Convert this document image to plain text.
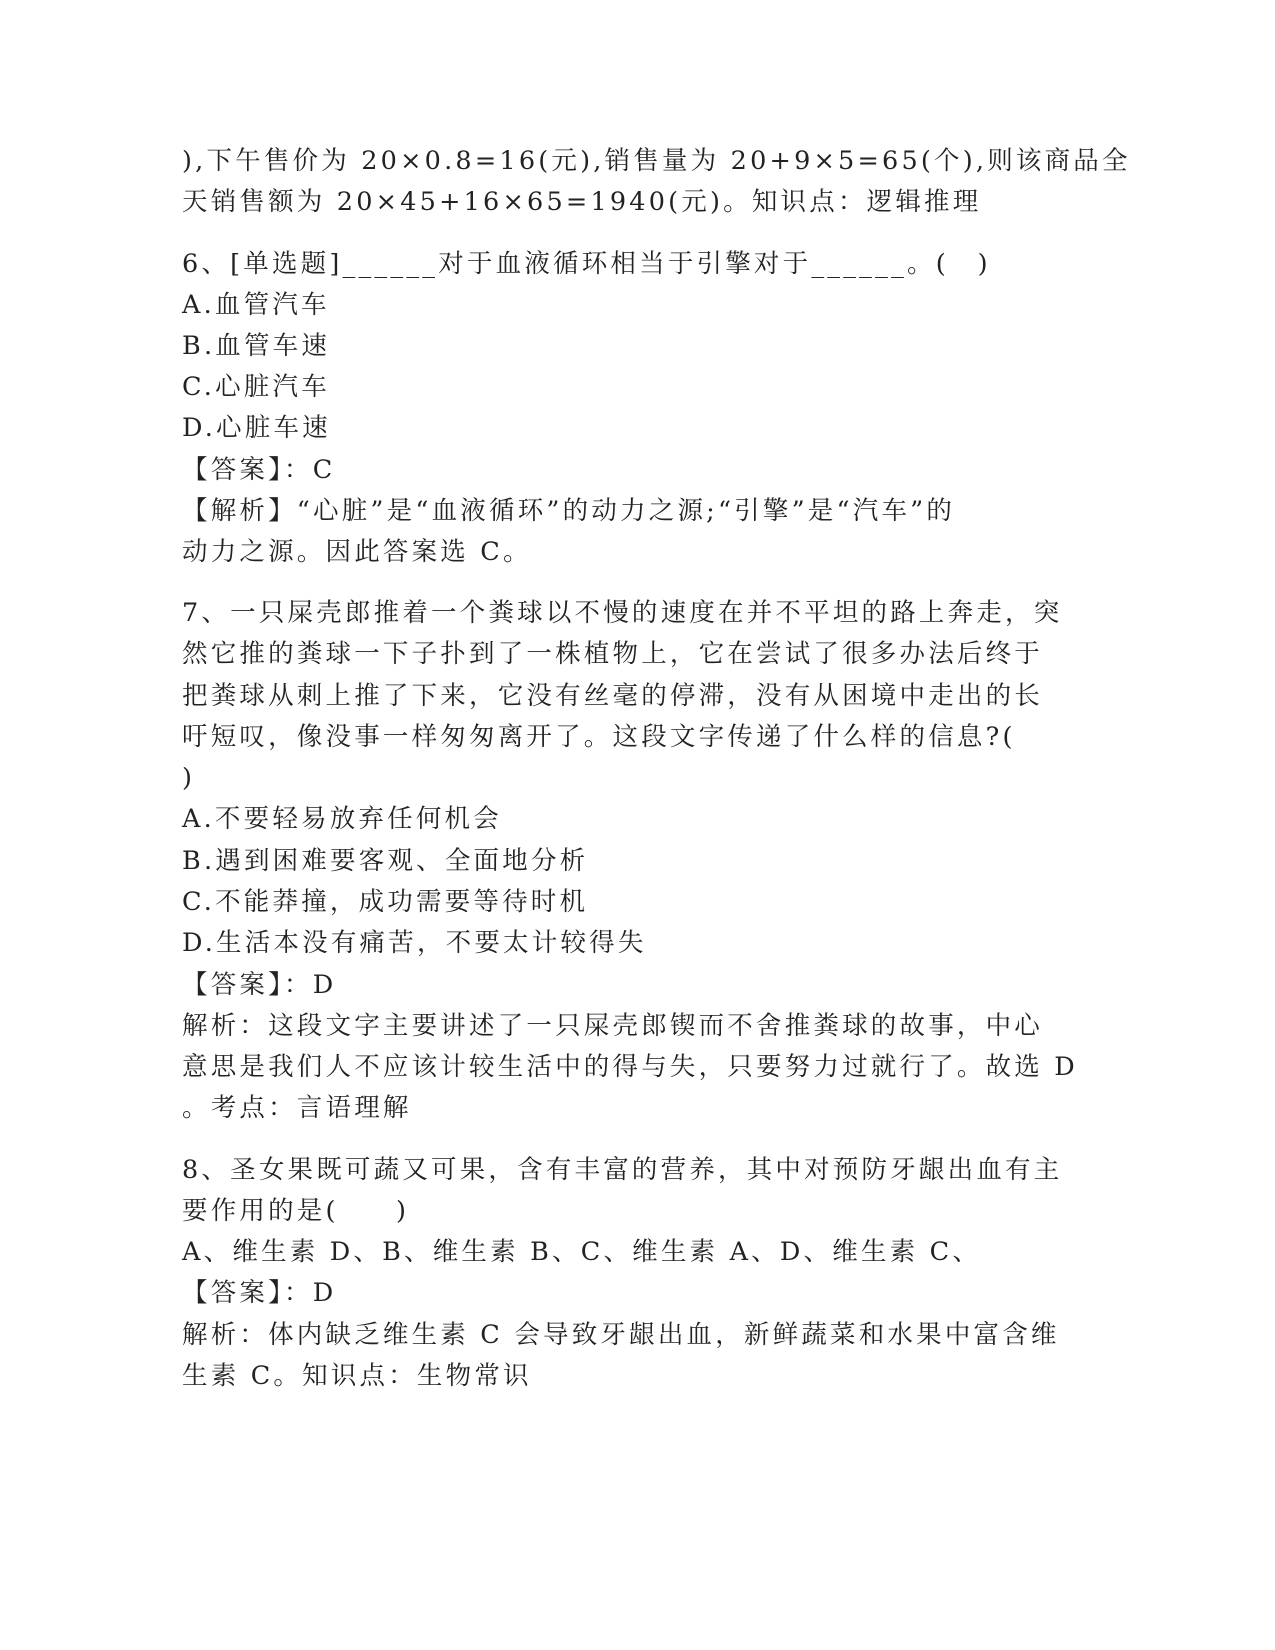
),下午售价为 20×0.8=16(元),销售量为 20+9×5=65(个),则该商品全
天销售额为 20×45+16×65=1940(元)。知识点：逻辑推理
6、[单选题]______对于血液循环相当于引擎对于______。(　)
A.血管汽车
B.血管车速
C.心脏汽车
D.心脏车速
【答案】：C
【解析】“心脏”是“血液循环”的动力之源;“引擎”是“汽车”的
动力之源。因此答案选 C。
7、一只屎壳郎推着一个粪球以不慢的速度在并不平坦的路上奔走，突
然它推的粪球一下子扑到了一株植物上，它在尝试了很多办法后终于
把粪球从刺上推了下来，它没有丝毫的停滞，没有从困境中走出的长
吁短叹，像没事一样匆匆离开了。这段文字传递了什么样的信息?(
)
A.不要轻易放弃任何机会
B.遇到困难要客观、全面地分析
C.不能莽撞，成功需要等待时机
D.生活本没有痛苦，不要太计较得失
【答案】：D
解析：这段文字主要讲述了一只屎壳郎锲而不舍推粪球的故事，中心
意思是我们人不应该计较生活中的得与失，只要努力过就行了。故选 D
。考点：言语理解
8、圣女果既可蔬又可果，含有丰富的营养，其中对预防牙龈出血有主
要作用的是(　　)
A、维生素 D、B、维生素 B、C、维生素 A、D、维生素 C、
【答案】：D
解析：体内缺乏维生素 C 会导致牙龈出血，新鲜蔬菜和水果中富含维
生素 C。知识点：生物常识
